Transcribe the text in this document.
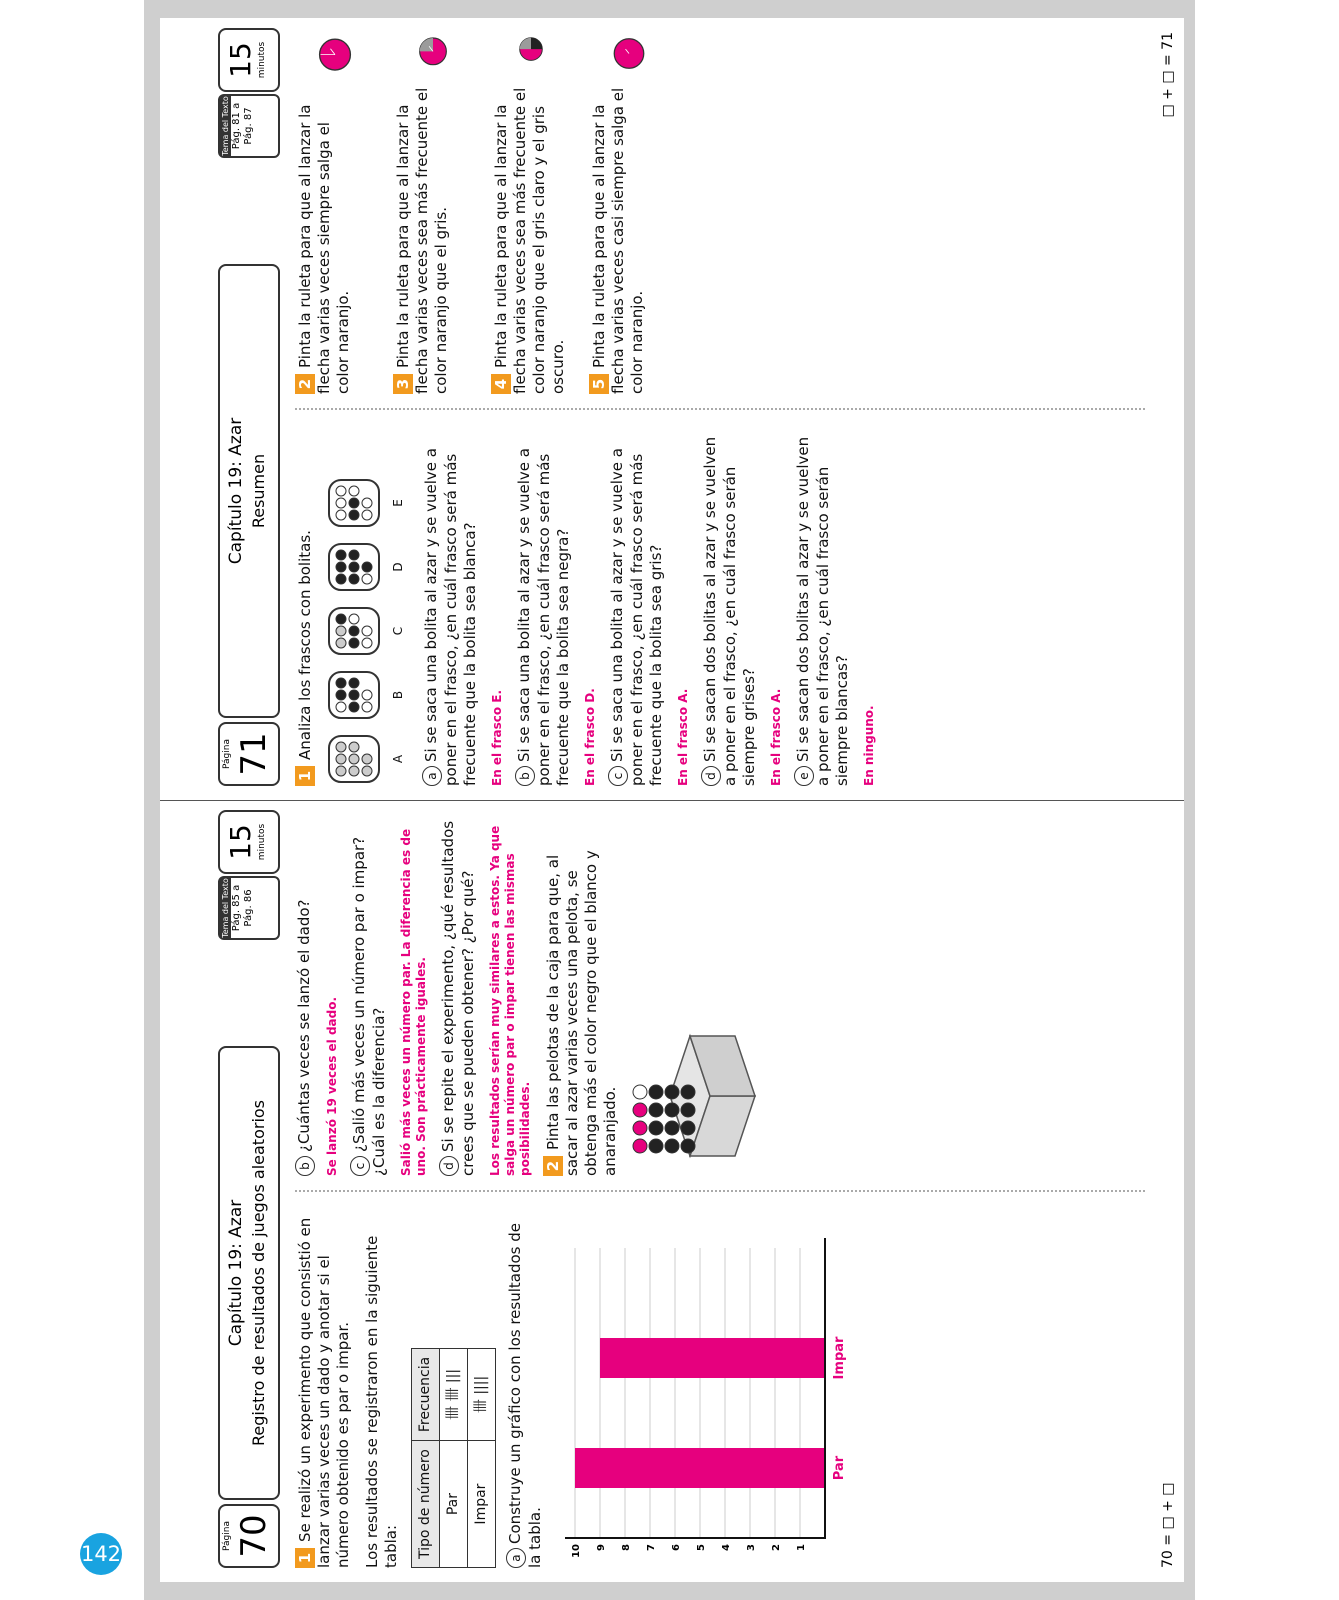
142
Página 70
Capítulo 19: Azar Registro de resultados de juegos aleatorios
Tema del Texto Pág. 85 a Pág. 86
15 minutos

1Se realizó un experimento que consistió en lanzar varias veces un dado y anotar si el número obtenido es par o impar. Los resultados se registraron en la siguiente tabla: Tipo de número	Frecuencia
Par	卌 卌 |||
Impar	卌 ||||

aConstruye un gráfico con los resultados de la tabla.	1
2
3
4
5
6
7
8
9
10
Par
Impar

b¿Cuántas veces se lanzó el dado? Se lanzó 19 veces el dado. c¿Salió más veces un número par o impar? ¿Cuál es la diferencia? Salió más veces un número par. La diferencia es de uno. Son prácticamente iguales. dSi se repite el experimento, ¿qué resultados crees que se pueden obtener? ¿Por qué? Los resultados serían muy similares a estos. Ya que salga un número par o impar tienen las mismas posibilidades. 2Pinta las pelotas de la caja para que, al sacar al azar varias veces una pelota, se obtenga más el color negro que el blanco y anaranjado.

70 = □ + □
Página 71
Capítulo 19: Azar Resumen
Tema del Texto Pág. 81 a Pág. 87
15 minutos

1Analiza los frascos con bolitas.	A
B
C
D
E

aSi se saca una bolita al azar y se vuelve a poner en el frasco, ¿en cuál frasco será más frecuente que la bolita sea blanca? En el frasco E. bSi se saca una bolita al azar y se vuelve a poner en el frasco, ¿en cuál frasco será más frecuente que la bolita sea negra? En el frasco D. cSi se saca una bolita al azar y se vuelve a poner en el frasco, ¿en cuál frasco será más frecuente que la bolita sea gris? En el frasco A. dSi se sacan dos bolitas al azar y se vuelven a poner en el frasco, ¿en cuál frasco serán siempre grises? En el frasco A. eSi se sacan dos bolitas al azar y se vuelven a poner en el frasco, ¿en cuál frasco serán siempre blancas? En ninguno.

2Pinta la ruleta para que al lanzar la flecha varias veces siempre salga el color naranjo.	3Pinta la ruleta para que al lanzar la flecha varias veces sea más frecuente el color naranjo que el gris.	4Pinta la ruleta para que al lanzar la flecha varias veces sea más frecuente el color naranjo que el gris claro y el gris oscuro. 5Pinta la ruleta para que al lanzar la flecha varias veces casi siempre salga el color naranjo.
□ + □ = 71
